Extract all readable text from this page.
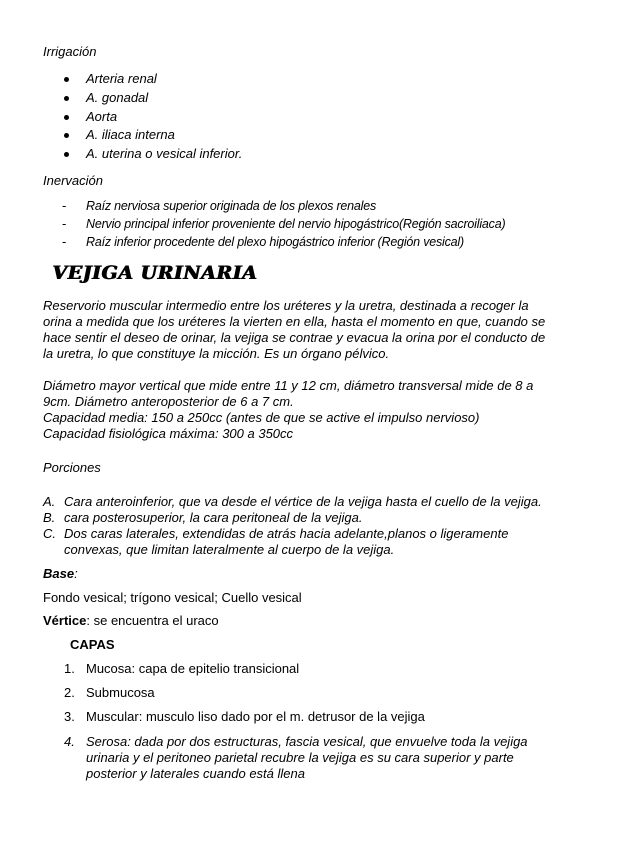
Irrigación
Arteria renal
A. gonadal
Aorta
A. iliaca interna
A. uterina o vesical inferior.
Inervación
- Raíz nerviosa superior originada de los plexos renales
- Nervio principal inferior proveniente del nervio hipogástrico(Región sacroiliaca)
- Raíz inferior procedente del plexo hipogástrico inferior (Región vesical)
VEJIGA URINARIA
Reservorio muscular intermedio entre los uréteres y la uretra, destinada a recoger la
orina a medida que los uréteres la vierten en ella, hasta el momento en que, cuando se
hace sentir el deseo de orinar, la vejiga se contrae y evacua la orina por el conducto de
la uretra, lo que constituye la micción. Es un órgano pélvico.
Diámetro mayor vertical que mide entre 11 y 12 cm, diámetro transversal mide de 8 a
9cm. Diámetro anteroposterior de 6 a 7 cm.
Capacidad media: 150 a 250cc (antes de que se active el impulso nervioso)
Capacidad fisiológica máxima: 300 a 350cc
Porciones
A. Cara anteroinferior, que va desde el vértice de la vejiga hasta el cuello de la vejiga.
B. cara posterosuperior, la cara peritoneal de la vejiga.
C. Dos caras laterales, extendidas de atrás hacia adelante,planos o ligeramente
convexas, que limitan lateralmente al cuerpo de la vejiga.
Base:
Fondo vesical; trígono vesical; Cuello vesical
Vértice: se encuentra el uraco
CAPAS
1. Mucosa: capa de epitelio transicional
2. Submucosa
3. Muscular: musculo liso dado por el m. detrusor de la vejiga
4. Serosa: dada por dos estructuras, fascia vesical, que envuelve toda la vejiga
urinaria y el peritoneo parietal recubre la vejiga es su cara superior y parte
posterior y laterales cuando está llena
